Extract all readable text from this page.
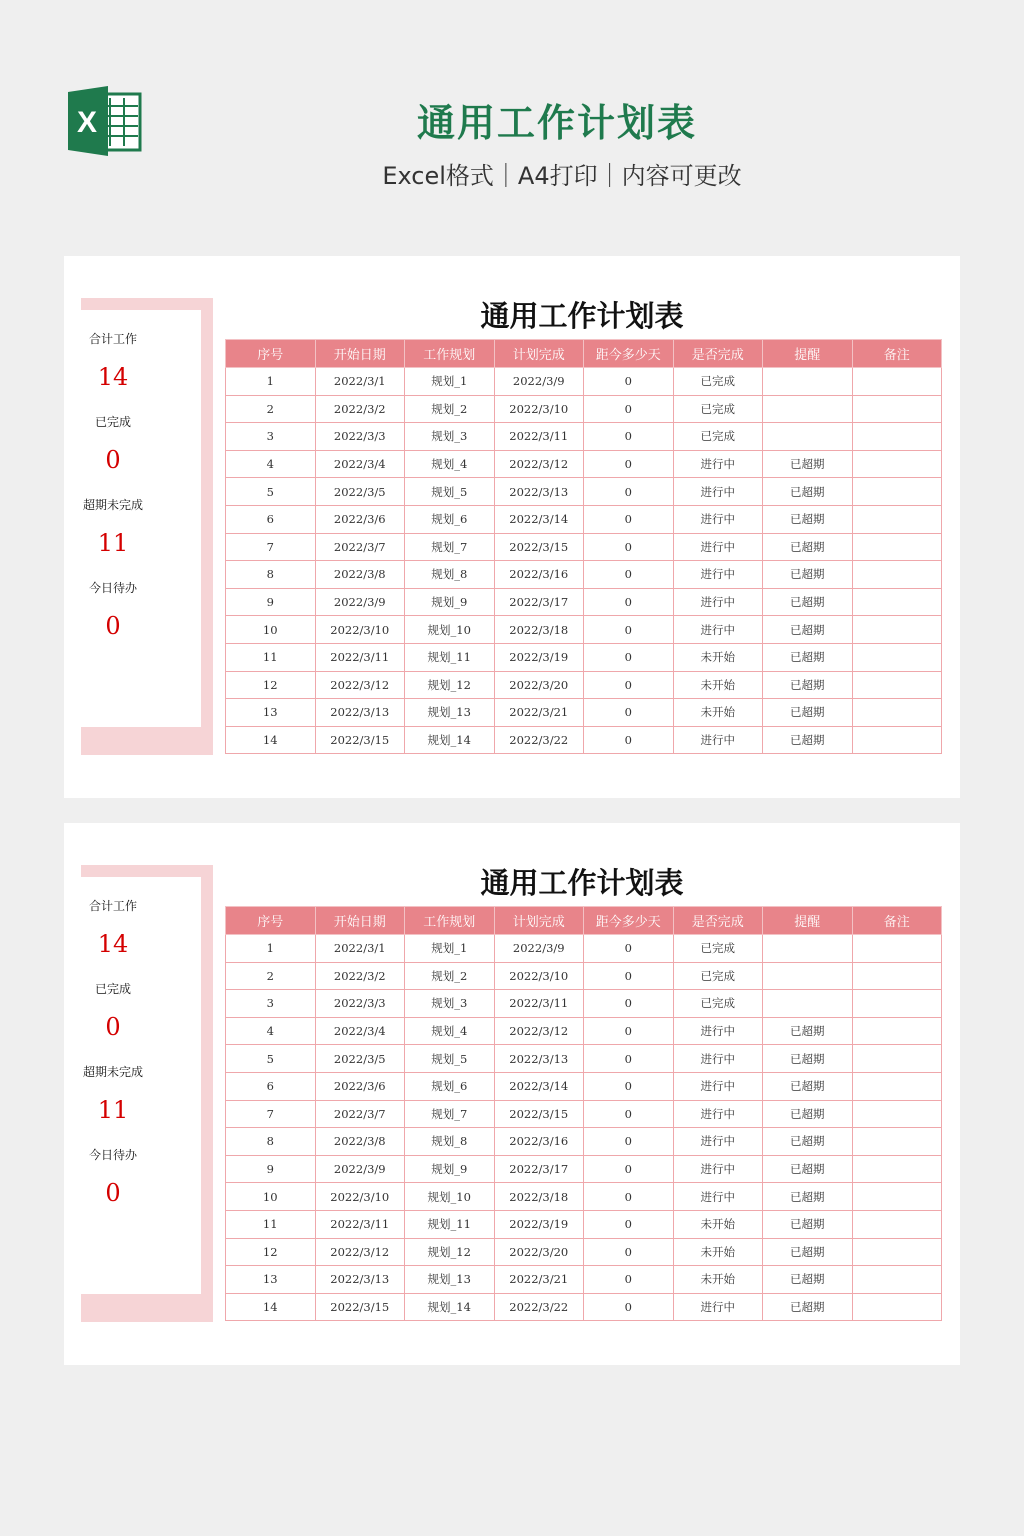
X	通用工作计划表
Excel格式｜A4打印｜内容可更改
合计工作
14
已完成
0
超期未完成
11
今日待办
0
通用工作计划表
序号	开始日期	工作规划	计划完成	距今多少天	是否完成	提醒	备注
1	2022/3/1	规划_1	2022/3/9	0	已完成		
2	2022/3/2	规划_2	2022/3/10	0	已完成		
3	2022/3/3	规划_3	2022/3/11	0	已完成		
4	2022/3/4	规划_4	2022/3/12	0	进行中	已超期	
5	2022/3/5	规划_5	2022/3/13	0	进行中	已超期	
6	2022/3/6	规划_6	2022/3/14	0	进行中	已超期	
7	2022/3/7	规划_7	2022/3/15	0	进行中	已超期	
8	2022/3/8	规划_8	2022/3/16	0	进行中	已超期	
9	2022/3/9	规划_9	2022/3/17	0	进行中	已超期	
10	2022/3/10	规划_10	2022/3/18	0	进行中	已超期	
11	2022/3/11	规划_11	2022/3/19	0	未开始	已超期	
12	2022/3/12	规划_12	2022/3/20	0	未开始	已超期	
13	2022/3/13	规划_13	2022/3/21	0	未开始	已超期	
14	2022/3/15	规划_14	2022/3/22	0	进行中	已超期	
合计工作
14
已完成
0
超期未完成
11
今日待办
0
通用工作计划表
序号	开始日期	工作规划	计划完成	距今多少天	是否完成	提醒	备注
1	2022/3/1	规划_1	2022/3/9	0	已完成		
2	2022/3/2	规划_2	2022/3/10	0	已完成		
3	2022/3/3	规划_3	2022/3/11	0	已完成		
4	2022/3/4	规划_4	2022/3/12	0	进行中	已超期	
5	2022/3/5	规划_5	2022/3/13	0	进行中	已超期	
6	2022/3/6	规划_6	2022/3/14	0	进行中	已超期	
7	2022/3/7	规划_7	2022/3/15	0	进行中	已超期	
8	2022/3/8	规划_8	2022/3/16	0	进行中	已超期	
9	2022/3/9	规划_9	2022/3/17	0	进行中	已超期	
10	2022/3/10	规划_10	2022/3/18	0	进行中	已超期	
11	2022/3/11	规划_11	2022/3/19	0	未开始	已超期	
12	2022/3/12	规划_12	2022/3/20	0	未开始	已超期	
13	2022/3/13	规划_13	2022/3/21	0	未开始	已超期	
14	2022/3/15	规划_14	2022/3/22	0	进行中	已超期	
